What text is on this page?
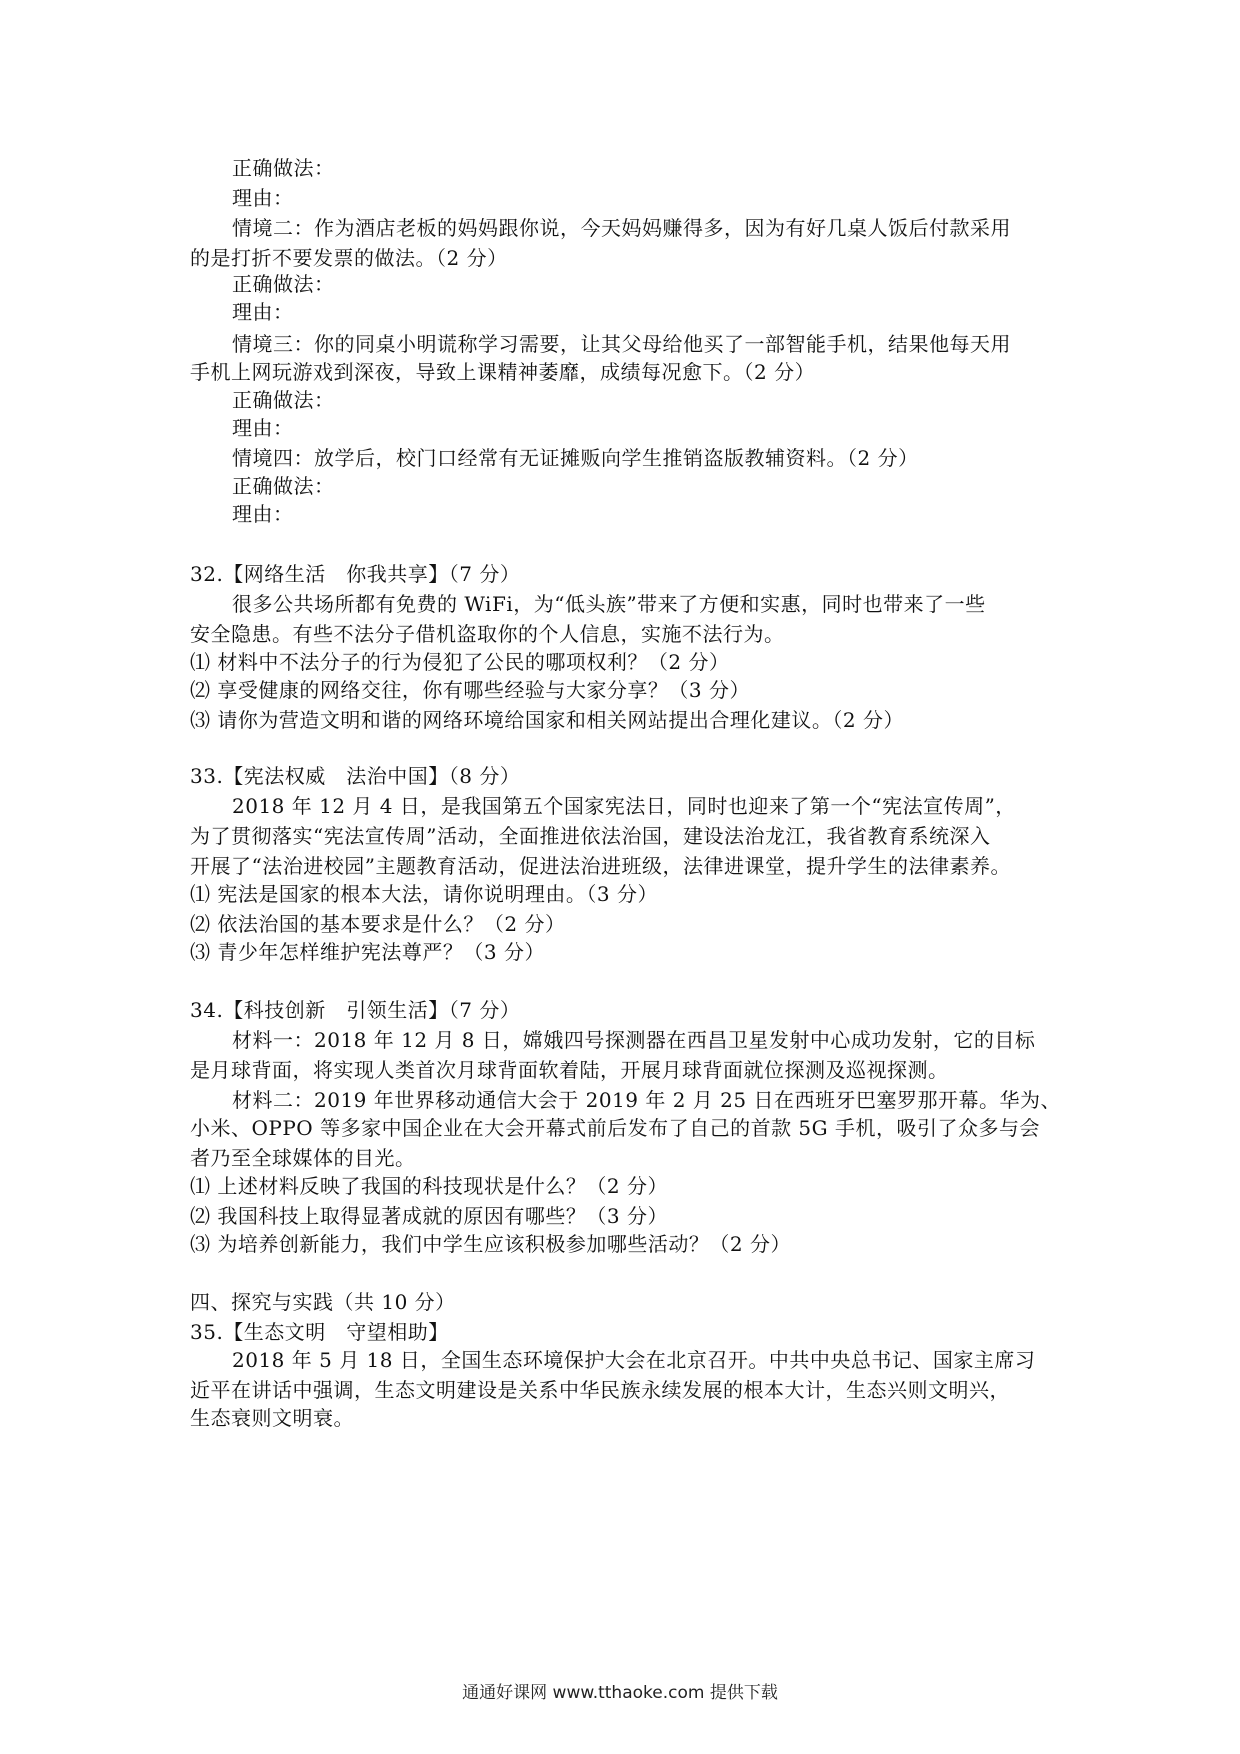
正确做法：
理由：
情境二：作为酒店老板的妈妈跟你说，今天妈妈赚得多，因为有好几桌人饭后付款采用
的是打折不要发票的做法。（2 分）
正确做法：
理由：
情境三：你的同桌小明谎称学习需要，让其父母给他买了一部智能手机，结果他每天用
手机上网玩游戏到深夜，导致上课精神萎靡，成绩每况愈下。（2 分）
正确做法：
理由：
情境四：放学后，校门口经常有无证摊贩向学生推销盗版教辅资料。（2 分）
正确做法：
理由：
32.【网络生活　你我共享】（7 分）
很多公共场所都有免费的 WiFi，为“低头族”带来了方便和实惠，同时也带来了一些
安全隐患。有些不法分子借机盗取你的个人信息，实施不法行为。
⑴ 材料中不法分子的行为侵犯了公民的哪项权利？（2 分）
⑵ 享受健康的网络交往，你有哪些经验与大家分享？（3 分）
⑶ 请你为营造文明和谐的网络环境给国家和相关网站提出合理化建议。（2 分）
33.【宪法权威　法治中国】（8 分）
2018 年 12 月 4 日，是我国第五个国家宪法日，同时也迎来了第一个“宪法宣传周”，
为了贯彻落实“宪法宣传周”活动，全面推进依法治国，建设法治龙江，我省教育系统深入
开展了“法治进校园”主题教育活动，促进法治进班级，法律进课堂，提升学生的法律素养。
⑴ 宪法是国家的根本大法，请你说明理由。（3 分）
⑵ 依法治国的基本要求是什么？（2 分）
⑶ 青少年怎样维护宪法尊严？（3 分）
34.【科技创新　引领生活】（7 分）
材料一：2018 年 12 月 8 日，嫦娥四号探测器在西昌卫星发射中心成功发射，它的目标
是月球背面，将实现人类首次月球背面软着陆，开展月球背面就位探测及巡视探测。
材料二：2019 年世界移动通信大会于 2019 年 2 月 25 日在西班牙巴塞罗那开幕。华为、
小米、OPPO 等多家中国企业在大会开幕式前后发布了自己的首款 5G 手机，吸引了众多与会
者乃至全球媒体的目光。
⑴ 上述材料反映了我国的科技现状是什么？（2 分）
⑵ 我国科技上取得显著成就的原因有哪些？（3 分）
⑶ 为培养创新能力，我们中学生应该积极参加哪些活动？（2 分）
四、探究与实践（共 10 分）
35.【生态文明　守望相助】
2018 年 5 月 18 日，全国生态环境保护大会在北京召开。中共中央总书记、国家主席习
近平在讲话中强调，生态文明建设是关系中华民族永续发展的根本大计，生态兴则文明兴，
生态衰则文明衰。
通通好课网 www.tthaoke.com 提供下载
